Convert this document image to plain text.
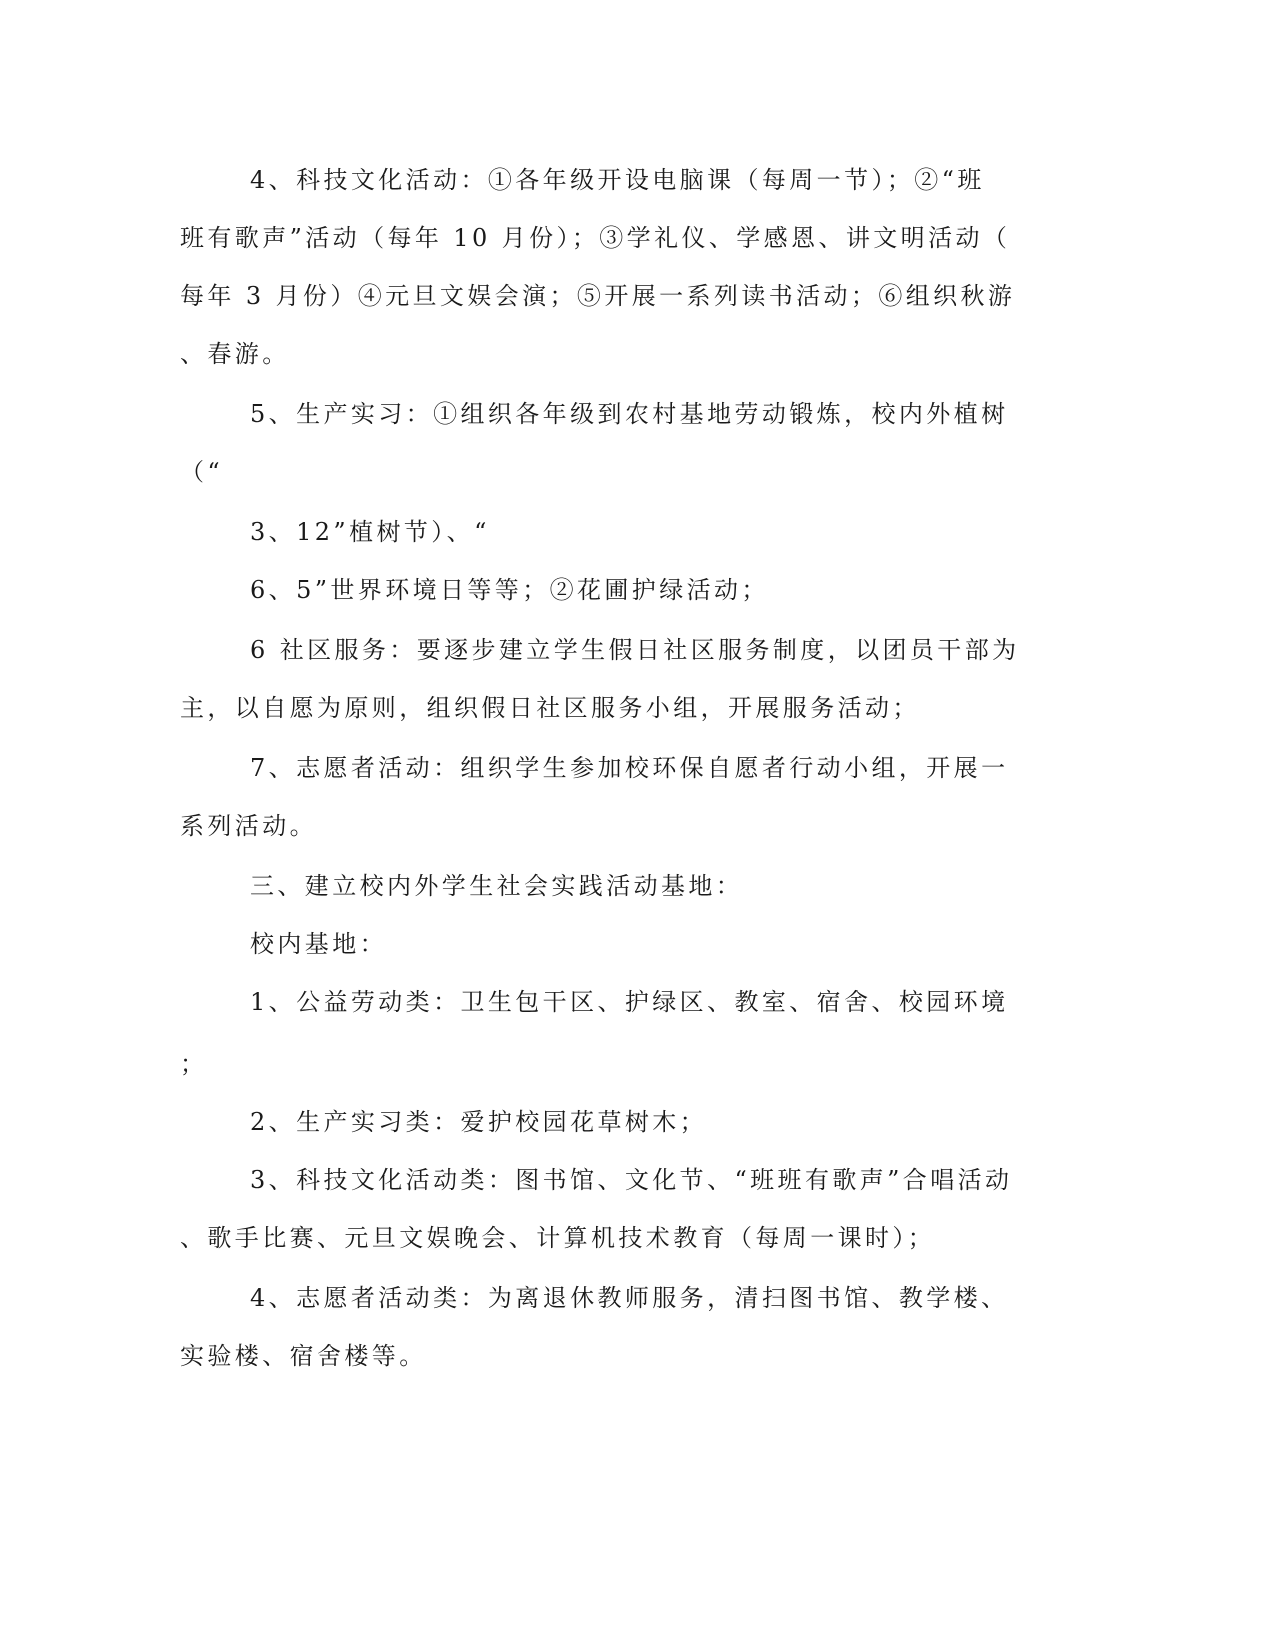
4、科技文化活动：①各年级开设电脑课（每周一节）；②“班
班有歌声”活动（每年 10 月份）；③学礼仪、学感恩、讲文明活动（
每年 3 月份）④元旦文娱会演；⑤开展一系列读书活动；⑥组织秋游
、春游。
5、生产实习：①组织各年级到农村基地劳动锻炼，校内外植树
（“
3、12”植树节）、“
6、5”世界环境日等等；②花圃护绿活动；
6 社区服务：要逐步建立学生假日社区服务制度，以团员干部为
主，以自愿为原则，组织假日社区服务小组，开展服务活动；
7、志愿者活动：组织学生参加校环保自愿者行动小组，开展一
系列活动。
三、建立校内外学生社会实践活动基地：
校内基地：
1、公益劳动类：卫生包干区、护绿区、教室、宿舍、校园环境
；
2、生产实习类：爱护校园花草树木；
3、科技文化活动类：图书馆、文化节、“班班有歌声”合唱活动
、歌手比赛、元旦文娱晚会、计算机技术教育（每周一课时）；
4、志愿者活动类：为离退休教师服务，清扫图书馆、教学楼、
实验楼、宿舍楼等。
